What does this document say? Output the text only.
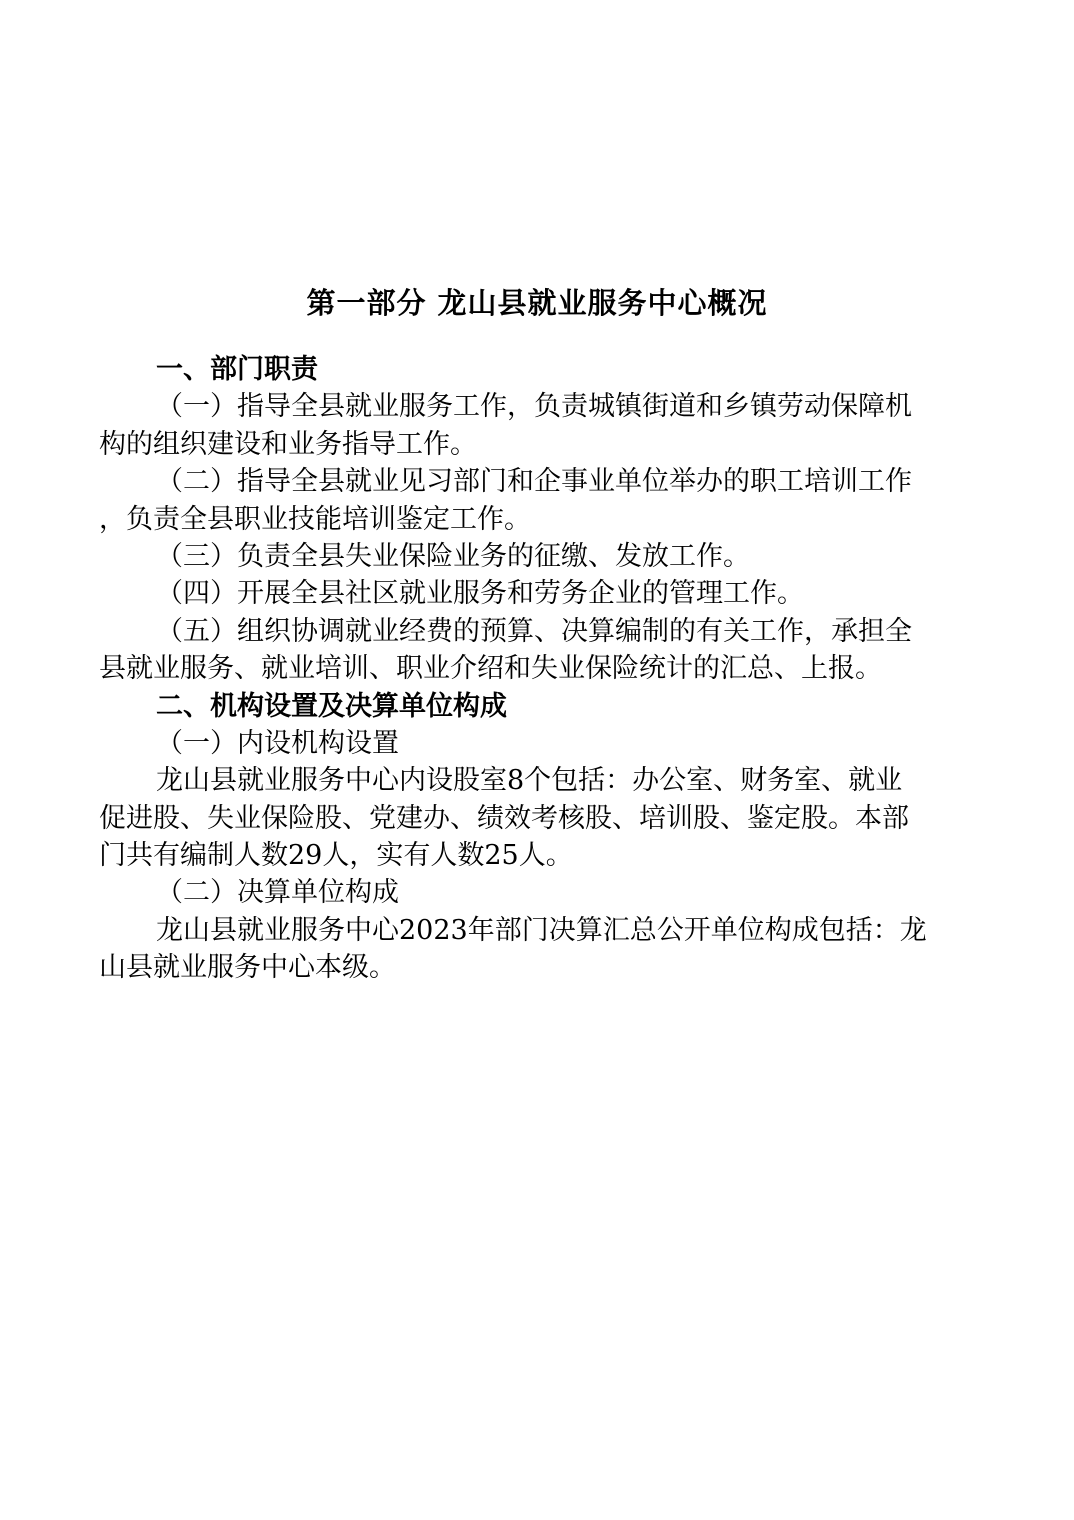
第一部分 龙山县就业服务中心概况
一、部门职责
（一）指导全县就业服务工作，负责城镇街道和乡镇劳动保障机
构的组织建设和业务指导工作。
（二）指导全县就业见习部门和企事业单位举办的职工培训工作
，负责全县职业技能培训鉴定工作。
（三）负责全县失业保险业务的征缴、发放工作。
（四）开展全县社区就业服务和劳务企业的管理工作。
（五）组织协调就业经费的预算、决算编制的有关工作，承担全
县就业服务、就业培训、职业介绍和失业保险统计的汇总、上报。
二、机构设置及决算单位构成
（一）内设机构设置
龙山县就业服务中心内设股室8个包括：办公室、财务室、就业
促进股、失业保险股、党建办、绩效考核股、培训股、鉴定股。本部
门共有编制人数29人，实有人数25人。
（二）决算单位构成
龙山县就业服务中心2023年部门决算汇总公开单位构成包括：龙
山县就业服务中心本级。
